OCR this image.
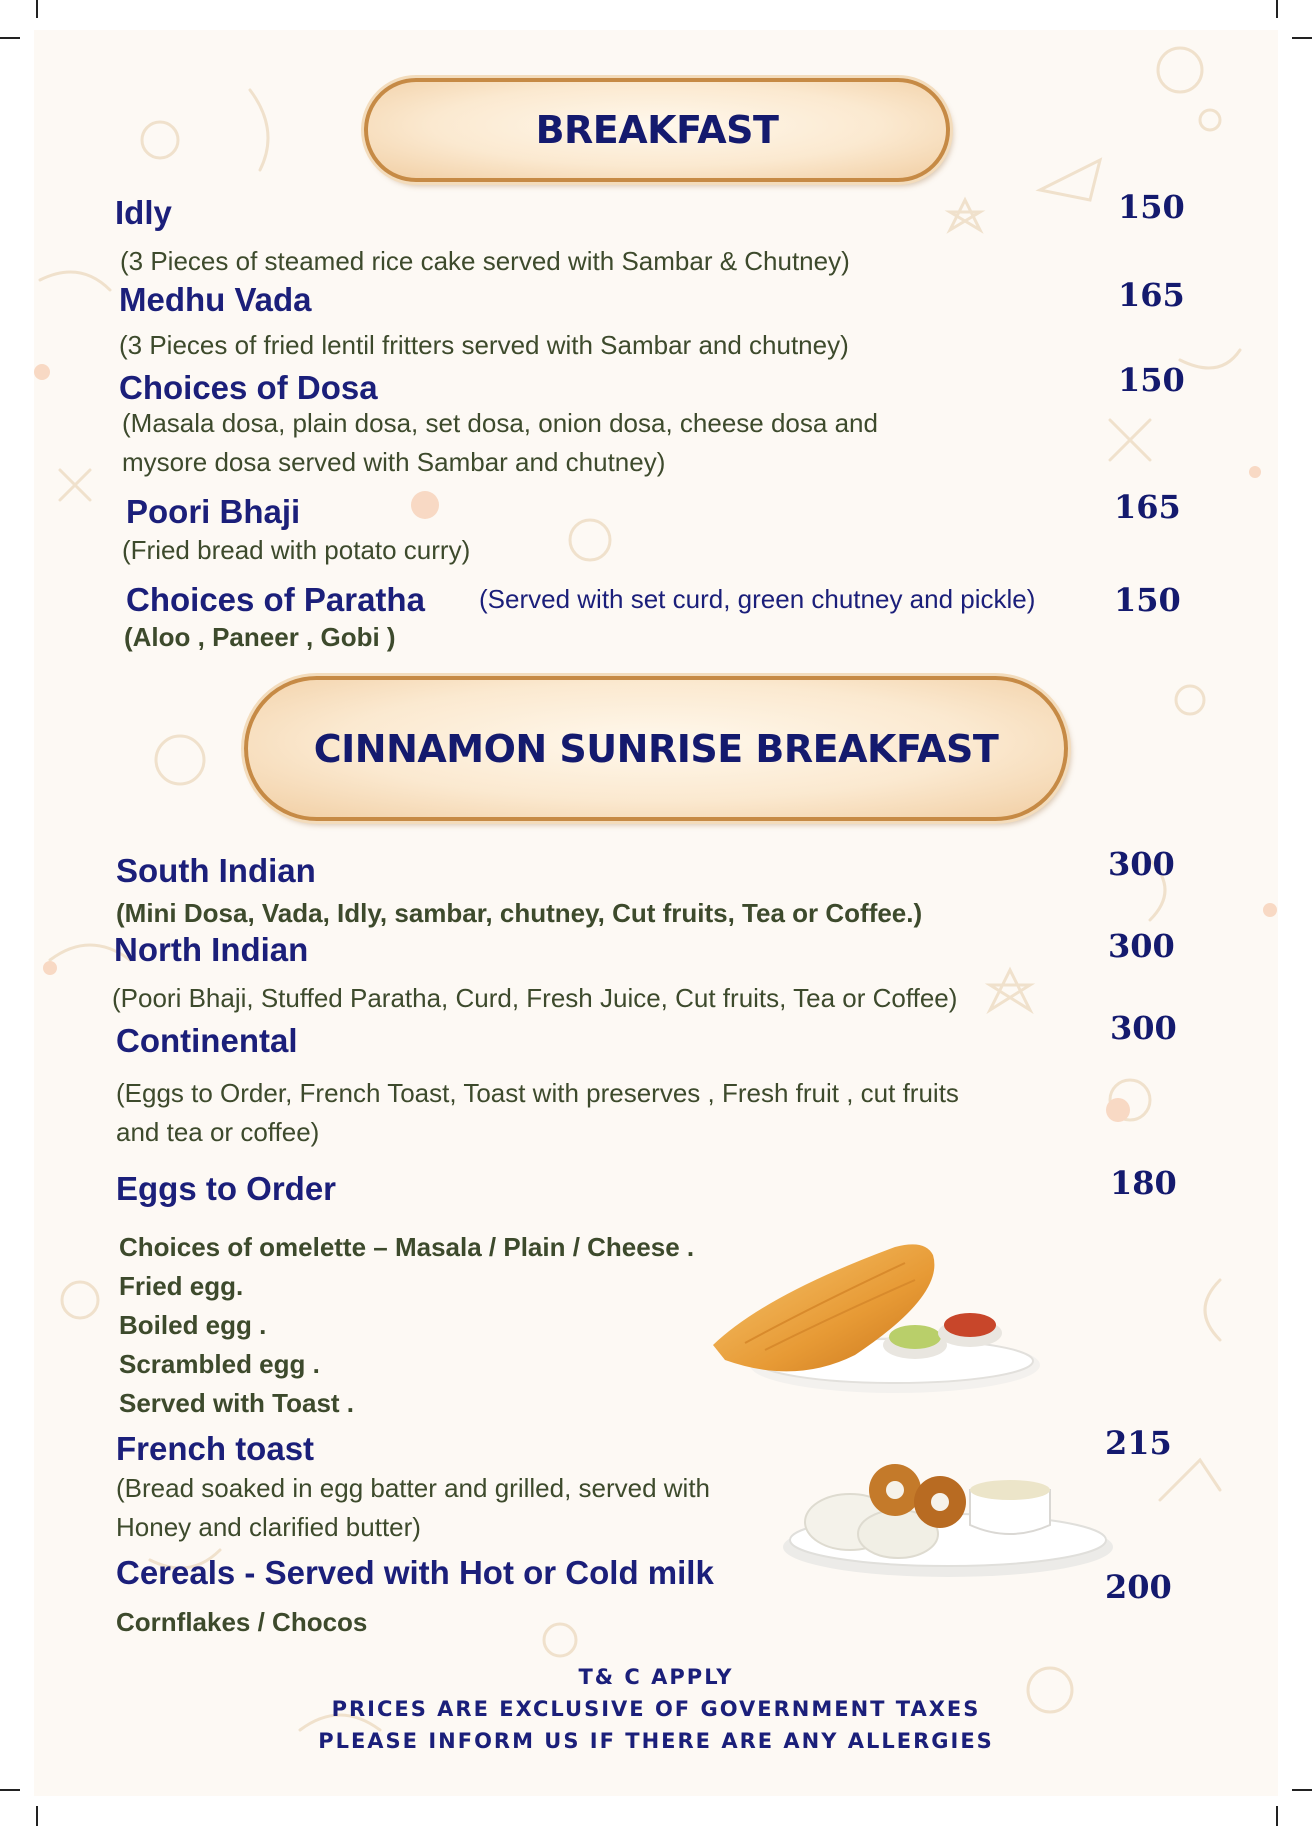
BREAKFAST
Idly	150
(3 Pieces of steamed rice cake served with Sambar & Chutney)
Medhu Vada	165
(3 Pieces of fried lentil fritters served with Sambar and chutney)
Choices of Dosa	150
(Masala dosa, plain dosa, set dosa, onion dosa, cheese dosa and
mysore dosa served with Sambar and chutney)
Poori Bhaji	165
(Fried bread with potato curry)
Choices of Paratha (Served with set curd, green chutney and pickle) 150
(Aloo , Paneer , Gobi )
CINNAMON SUNRISE BREAKFAST
South Indian	300
(Mini Dosa, Vada, Idly, sambar, chutney, Cut fruits, Tea or Coffee.)
North Indian	300
(Poori Bhaji, Stuffed Paratha, Curd, Fresh Juice, Cut fruits, Tea or Coffee)
Continental	300
(Eggs to Order, French Toast, Toast with preserves , Fresh fruit , cut fruits
and tea or coffee)
Eggs to Order	180
Choices of omelette – Masala / Plain / Cheese .
Fried egg.
Boiled egg .
Scrambled egg .
Served with Toast .
French toast	215
(Bread soaked in egg batter and grilled, served with
Honey and clarified butter)
Cereals - Served with Hot or Cold milk	200
Cornflakes / Chocos
T& C APPLY
PRICES ARE EXCLUSIVE OF GOVERNMENT TAXES
PLEASE INFORM US IF THERE ARE ANY ALLERGIES
